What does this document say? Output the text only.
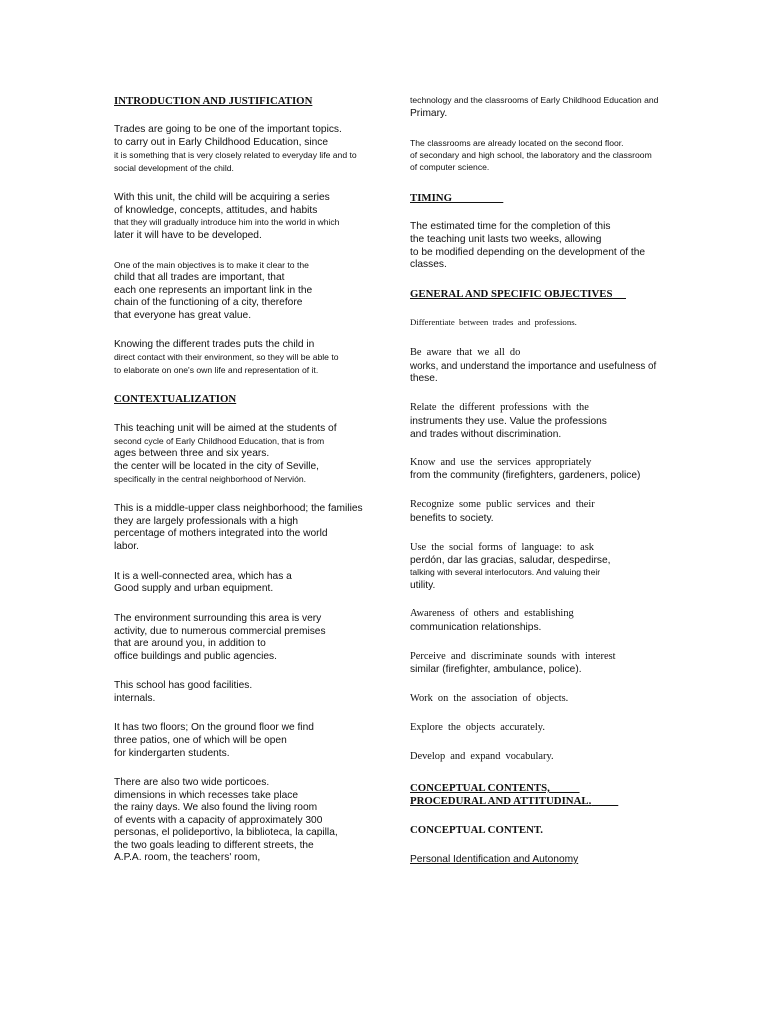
INTRODUCTION AND JUSTIFICATION
Trades are going to be one of the important topics.
to carry out in Early Childhood Education, since
it is something that is very closely related to everyday life and to
social development of the child.
With this unit, the child will be acquiring a series
of knowledge, concepts, attitudes, and habits
that they will gradually introduce him into the world in which
later it will have to be developed.
One of the main objectives is to make it clear to the
child that all trades are important, that
each one represents an important link in the
chain of the functioning of a city, therefore
that everyone has great value.
Knowing the different trades puts the child in
direct contact with their environment, so they will be able to
to elaborate on one's own life and representation of it.
CONTEXTUALIZATION
This teaching unit will be aimed at the students of
second cycle of Early Childhood Education, that is from
ages between three and six years.
the center will be located in the city of Seville,
specifically in the central neighborhood of Nervión.
This is a middle-upper class neighborhood; the families
they are largely professionals with a high
percentage of mothers integrated into the world
labor.
It is a well-connected area, which has a
Good supply and urban equipment.
The environment surrounding this area is very
activity, due to numerous commercial premises
that are around you, in addition to
office buildings and public agencies.
This school has good facilities.
internals.
It has two floors; On the ground floor we find
three patios, one of which will be open
for kindergarten students.
There are also two wide porticoes.
dimensions in which recesses take place
the rainy days. We also found the living room
of events with a capacity of approximately 300
personas, el polideportivo, la biblioteca, la capilla,
the two goals leading to different streets, the
A.P.A. room, the teachers' room,
technology and the classrooms of Early Childhood Education and
Primary.
The classrooms are already located on the second floor.
of secondary and high school, the laboratory and the classroom
of computer science.
TIMING
The estimated time for the completion of this
the teaching unit lasts two weeks, allowing
to be modified depending on the development of the
classes.
GENERAL AND SPECIFIC OBJECTIVES
Differentiate between trades and professions.
Be aware that we all do
works, and understand the importance and usefulness of
these.
Relate the different professions with the
instruments they use. Value the professions
and trades without discrimination.
Know and use the services appropriately
from the community (firefighters, gardeners, police)
Recognize some public services and their
benefits to society.
Use the social forms of language: to ask
perdón, dar las gracias, saludar, despedirse,
talking with several interlocutors. And valuing their
utility.
Awareness of others and establishing
communication relationships.
Perceive and discriminate sounds with interest
similar (firefighter, ambulance, police).
Work on the association of objects.
Explore the objects accurately.
Develop and expand vocabulary.
CONCEPTUAL CONTENTS,
PROCEDURAL AND ATTITUDINAL.
CONCEPTUAL CONTENT.
Personal Identification and Autonomy
